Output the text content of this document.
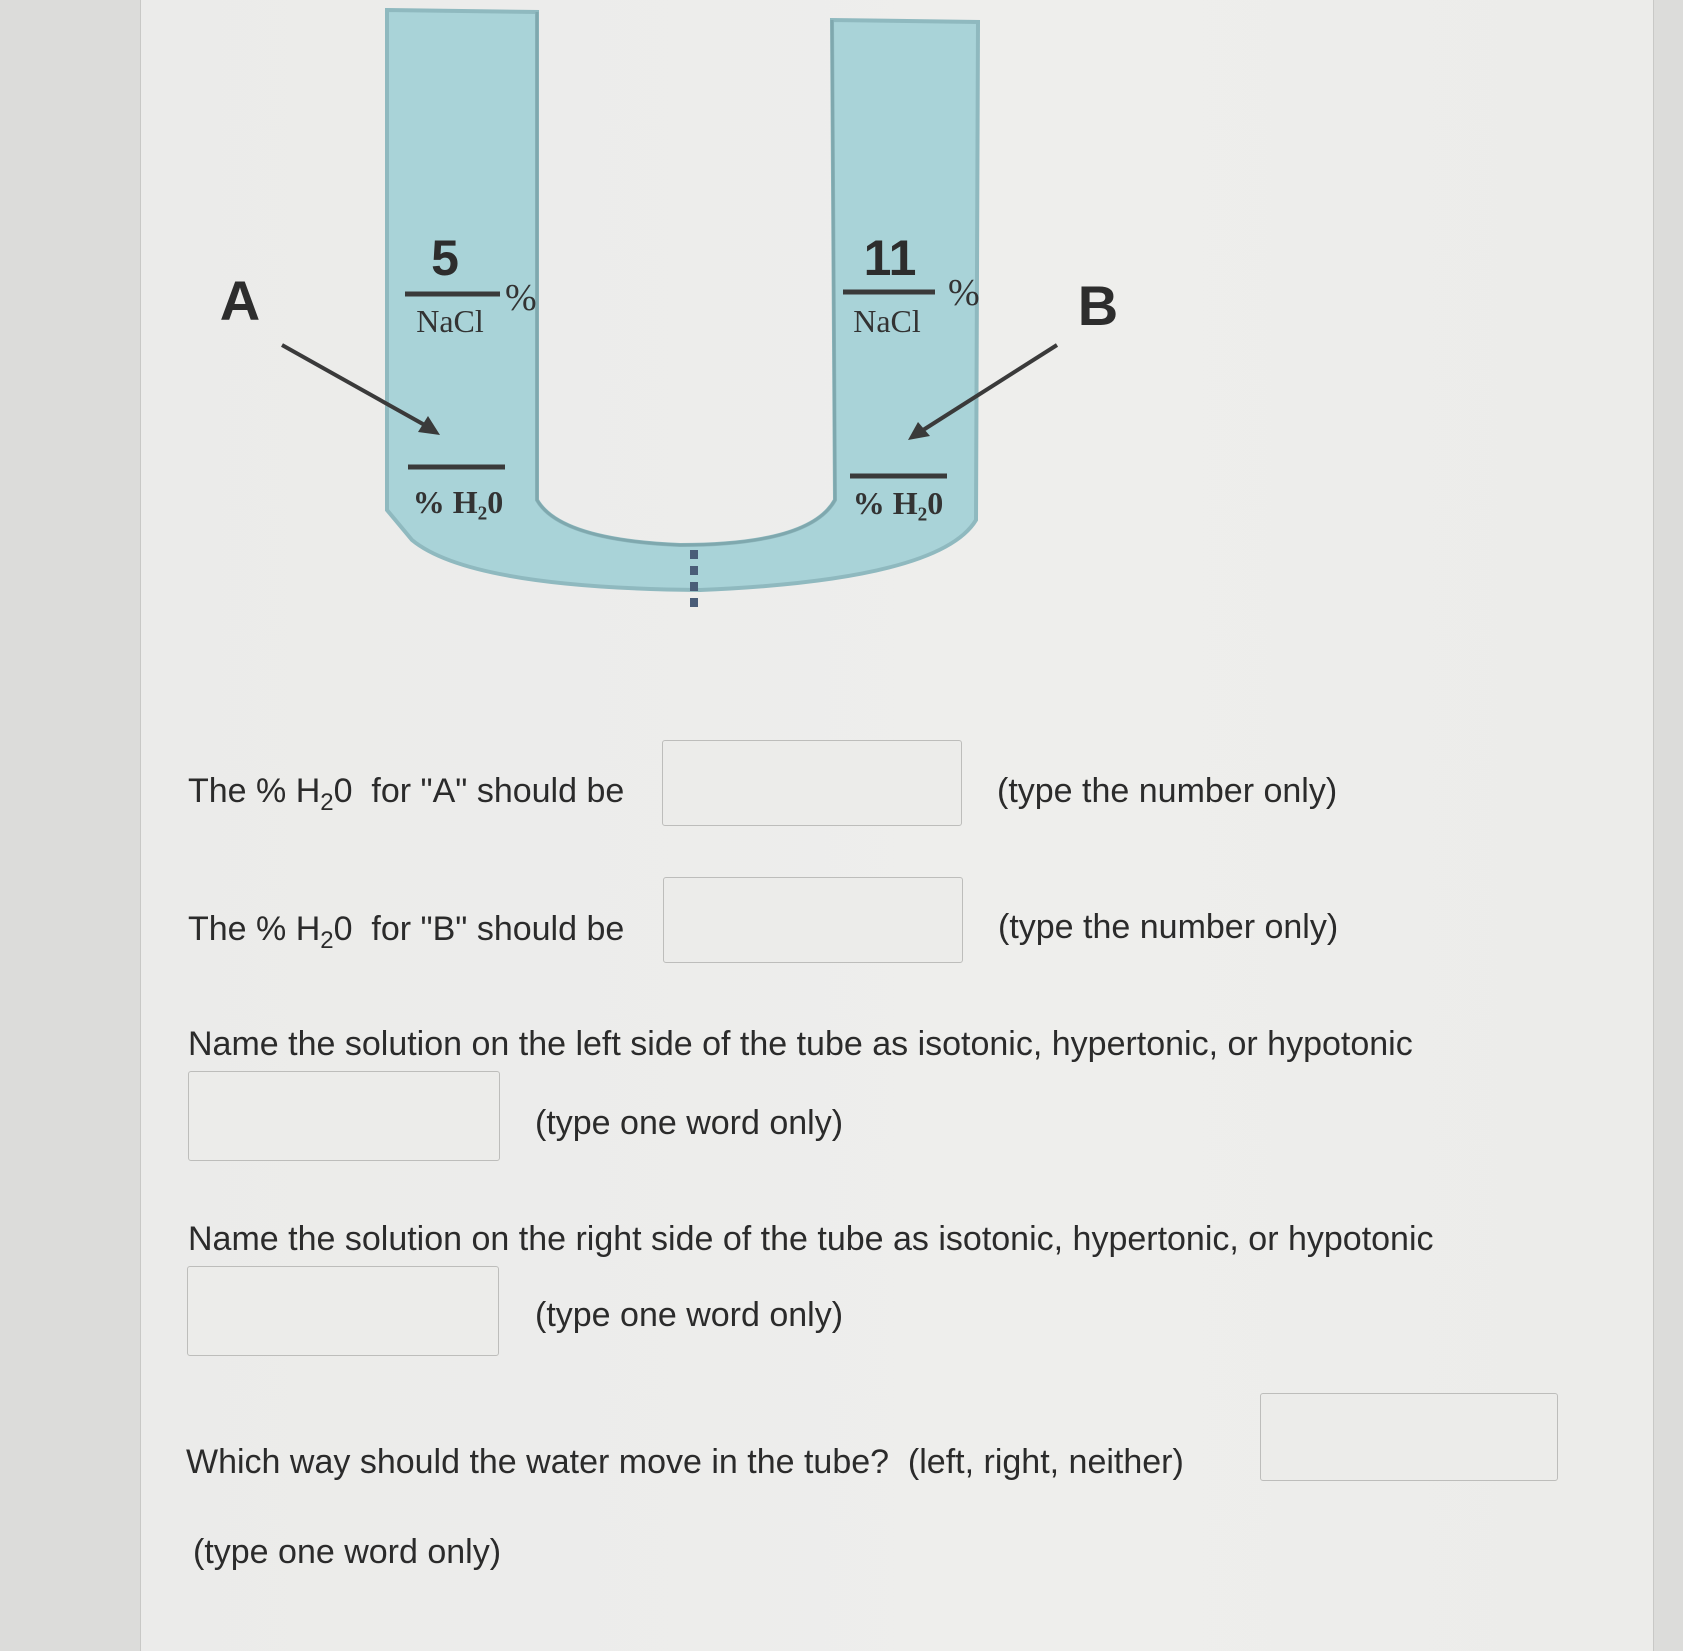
5
NaCl
%
% H₂0
11
NaCl
%
% H₂0
A	B
The % $H_20$  for "A" should be	(type the number only)
The % $H_20$  for "B" should be	(type the number only)
Name the solution on the left side of the tube as isotonic, hypertonic, or hypotonic
(type one word only)
Name the solution on the right side of the tube as isotonic, hypertonic, or hypotonic
(type one word only)
Which way should the water move in the tube?  (left, right, neither)
(type one word only)
